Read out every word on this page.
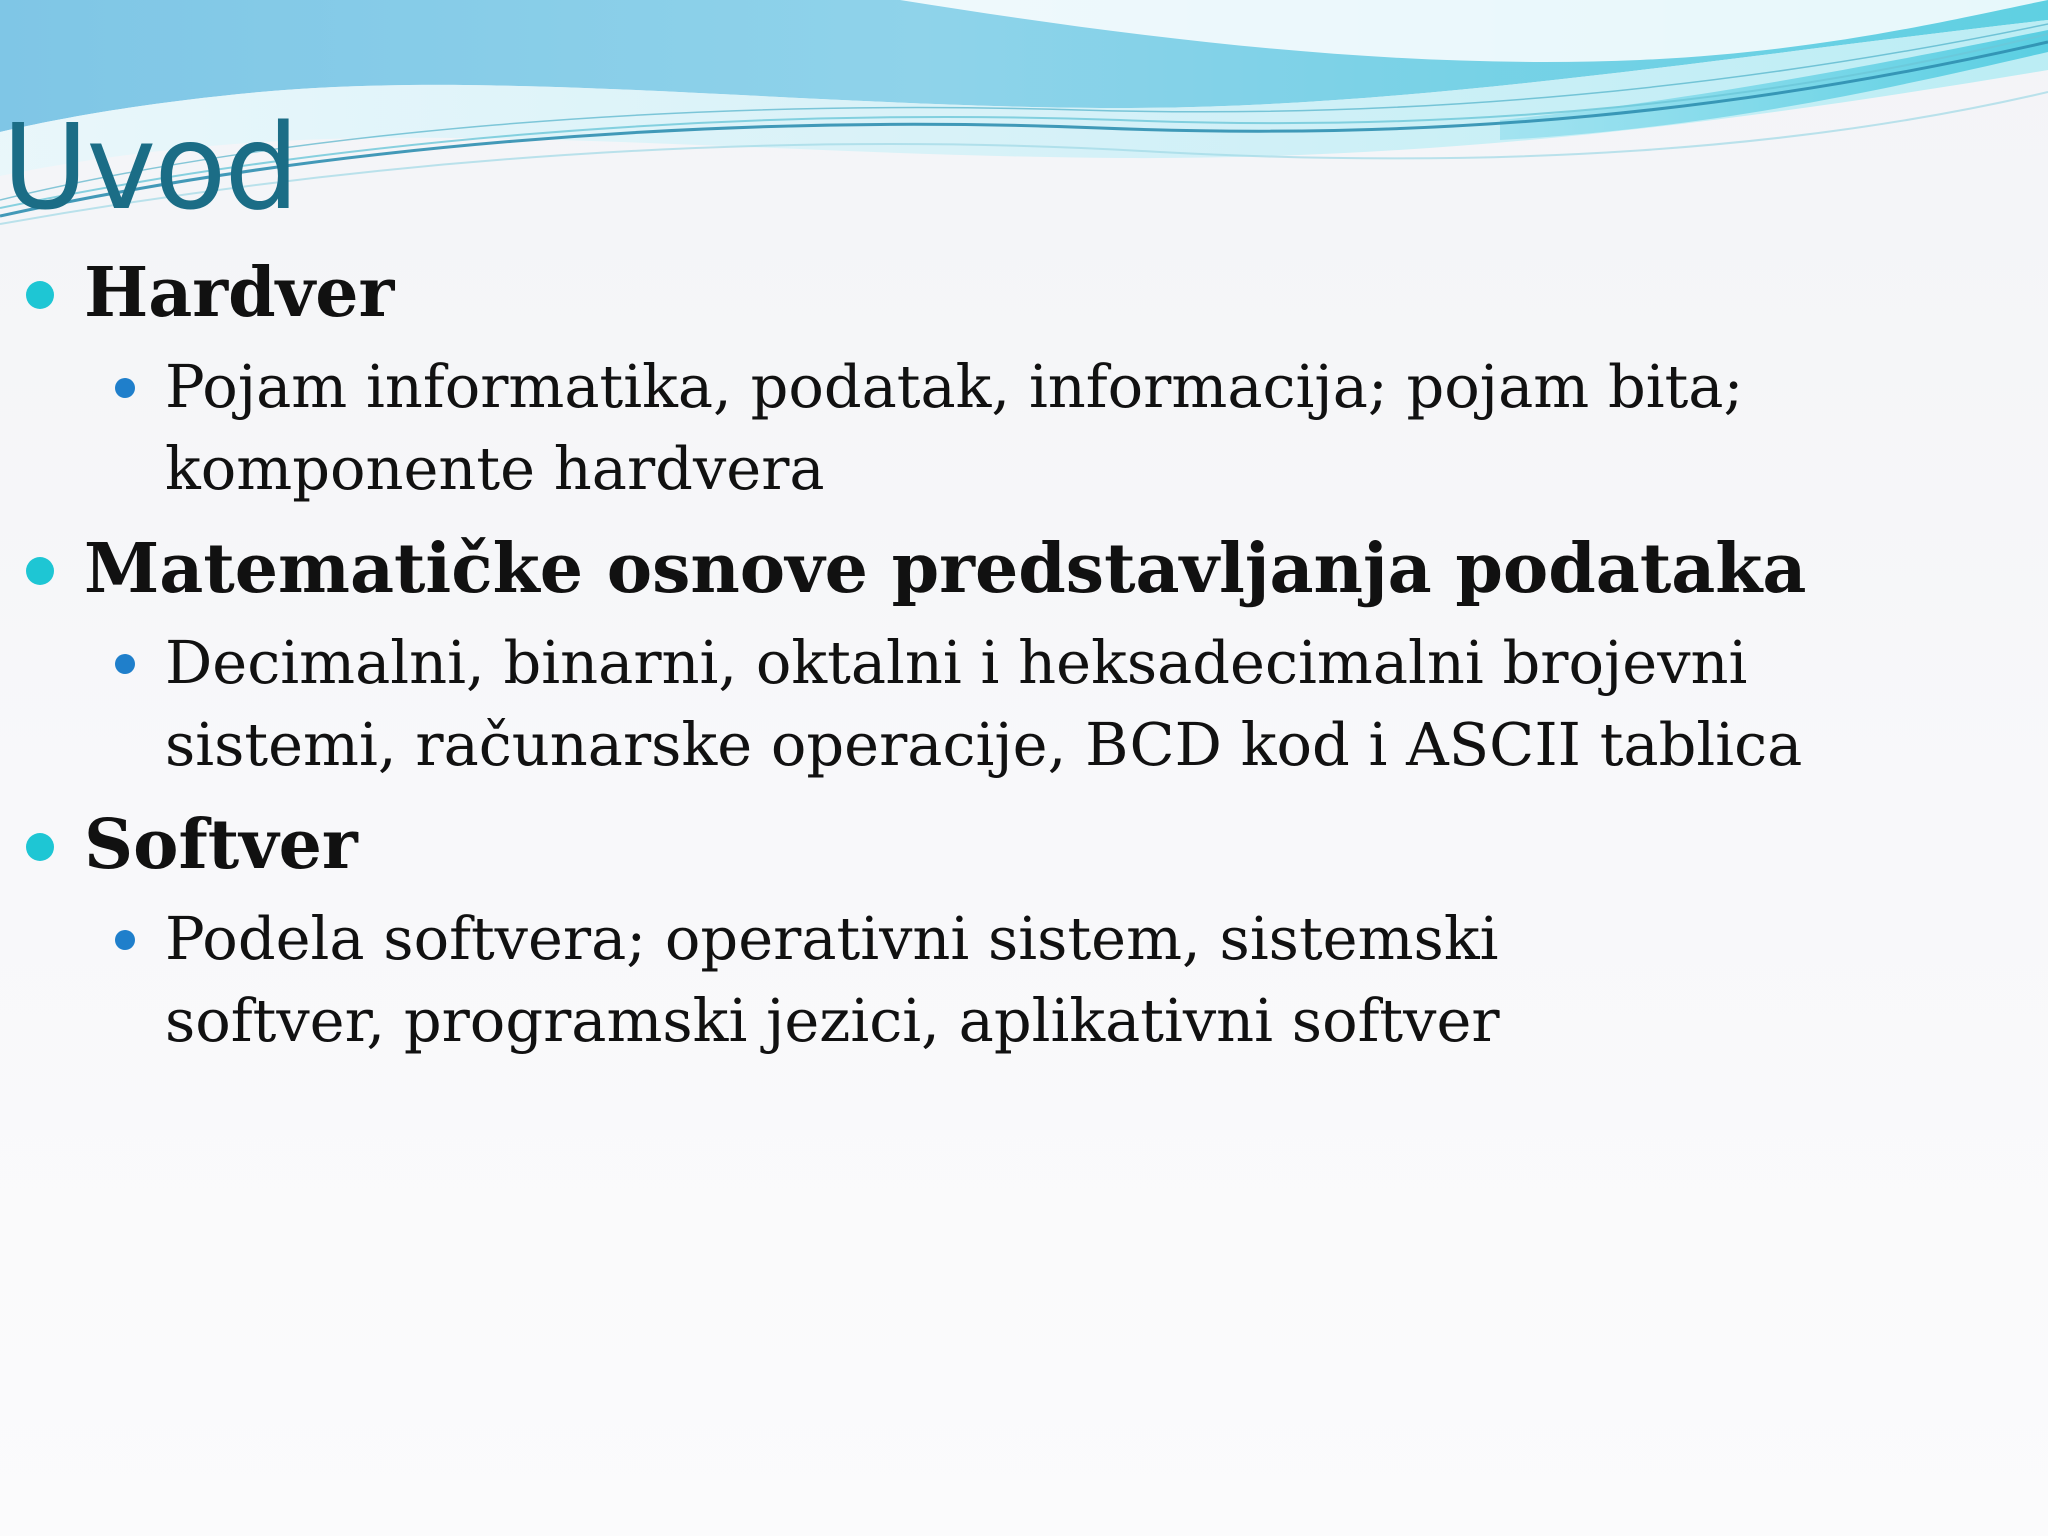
Uvod
Hardver
Pojam informatika, podatak, informacija; pojam bita;
komponente hardvera
Matematičke osnove predstavljanja podataka
Decimalni, binarni, oktalni i heksadecimalni brojevni
sistemi, računarske operacije, BCD kod i ASCII tablica
Softver
Podela softvera; operativni sistem, sistemski
softver, programski jezici, aplikativni softver
